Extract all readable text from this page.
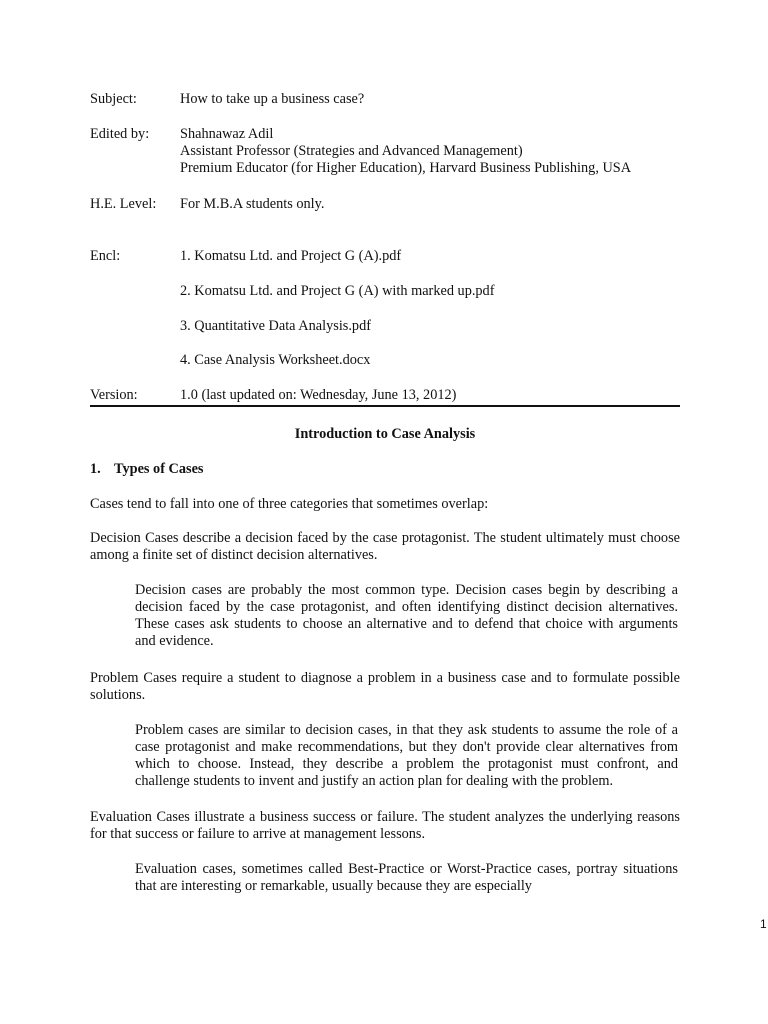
Subject:	How to take up a business case?
Edited by:	Shahnawaz Adil
Assistant Professor (Strategies and Advanced Management)
Premium Educator (for Higher Education), Harvard Business Publishing, USA
H.E. Level:	For M.B.A students only.
Encl:	1. Komatsu Ltd. and Project G (A).pdf
2. Komatsu Ltd. and Project G (A) with marked up.pdf
3. Quantitative Data Analysis.pdf
4. Case Analysis Worksheet.docx
Version:	1.0 (last updated on: Wednesday, June 13, 2012)
Introduction to Case Analysis
1. Types of Cases

Cases tend to fall into one of three categories that sometimes overlap:

Decision Cases describe a decision faced by the case protagonist. The student ultimately must choose among a finite set of distinct decision alternatives.

Decision cases are probably the most common type. Decision cases begin by describing a decision faced by the case protagonist, and often identifying distinct decision alternatives. These cases ask students to choose an alternative and to defend that choice with arguments and evidence.

Problem Cases require a student to diagnose a problem in a business case and to formulate possible solutions.

Problem cases are similar to decision cases, in that they ask students to assume the role of a case protagonist and make recommendations, but they don't provide clear alternatives from which to choose. Instead, they describe a problem the protagonist must confront, and challenge students to invent and justify an action plan for dealing with the problem.

Evaluation Cases illustrate a business success or failure. The student analyzes the underlying reasons for that success or failure to arrive at management lessons.

Evaluation cases, sometimes called Best-Practice or Worst-Practice cases, portray situations that are interesting or remarkable, usually because they are especially

1
